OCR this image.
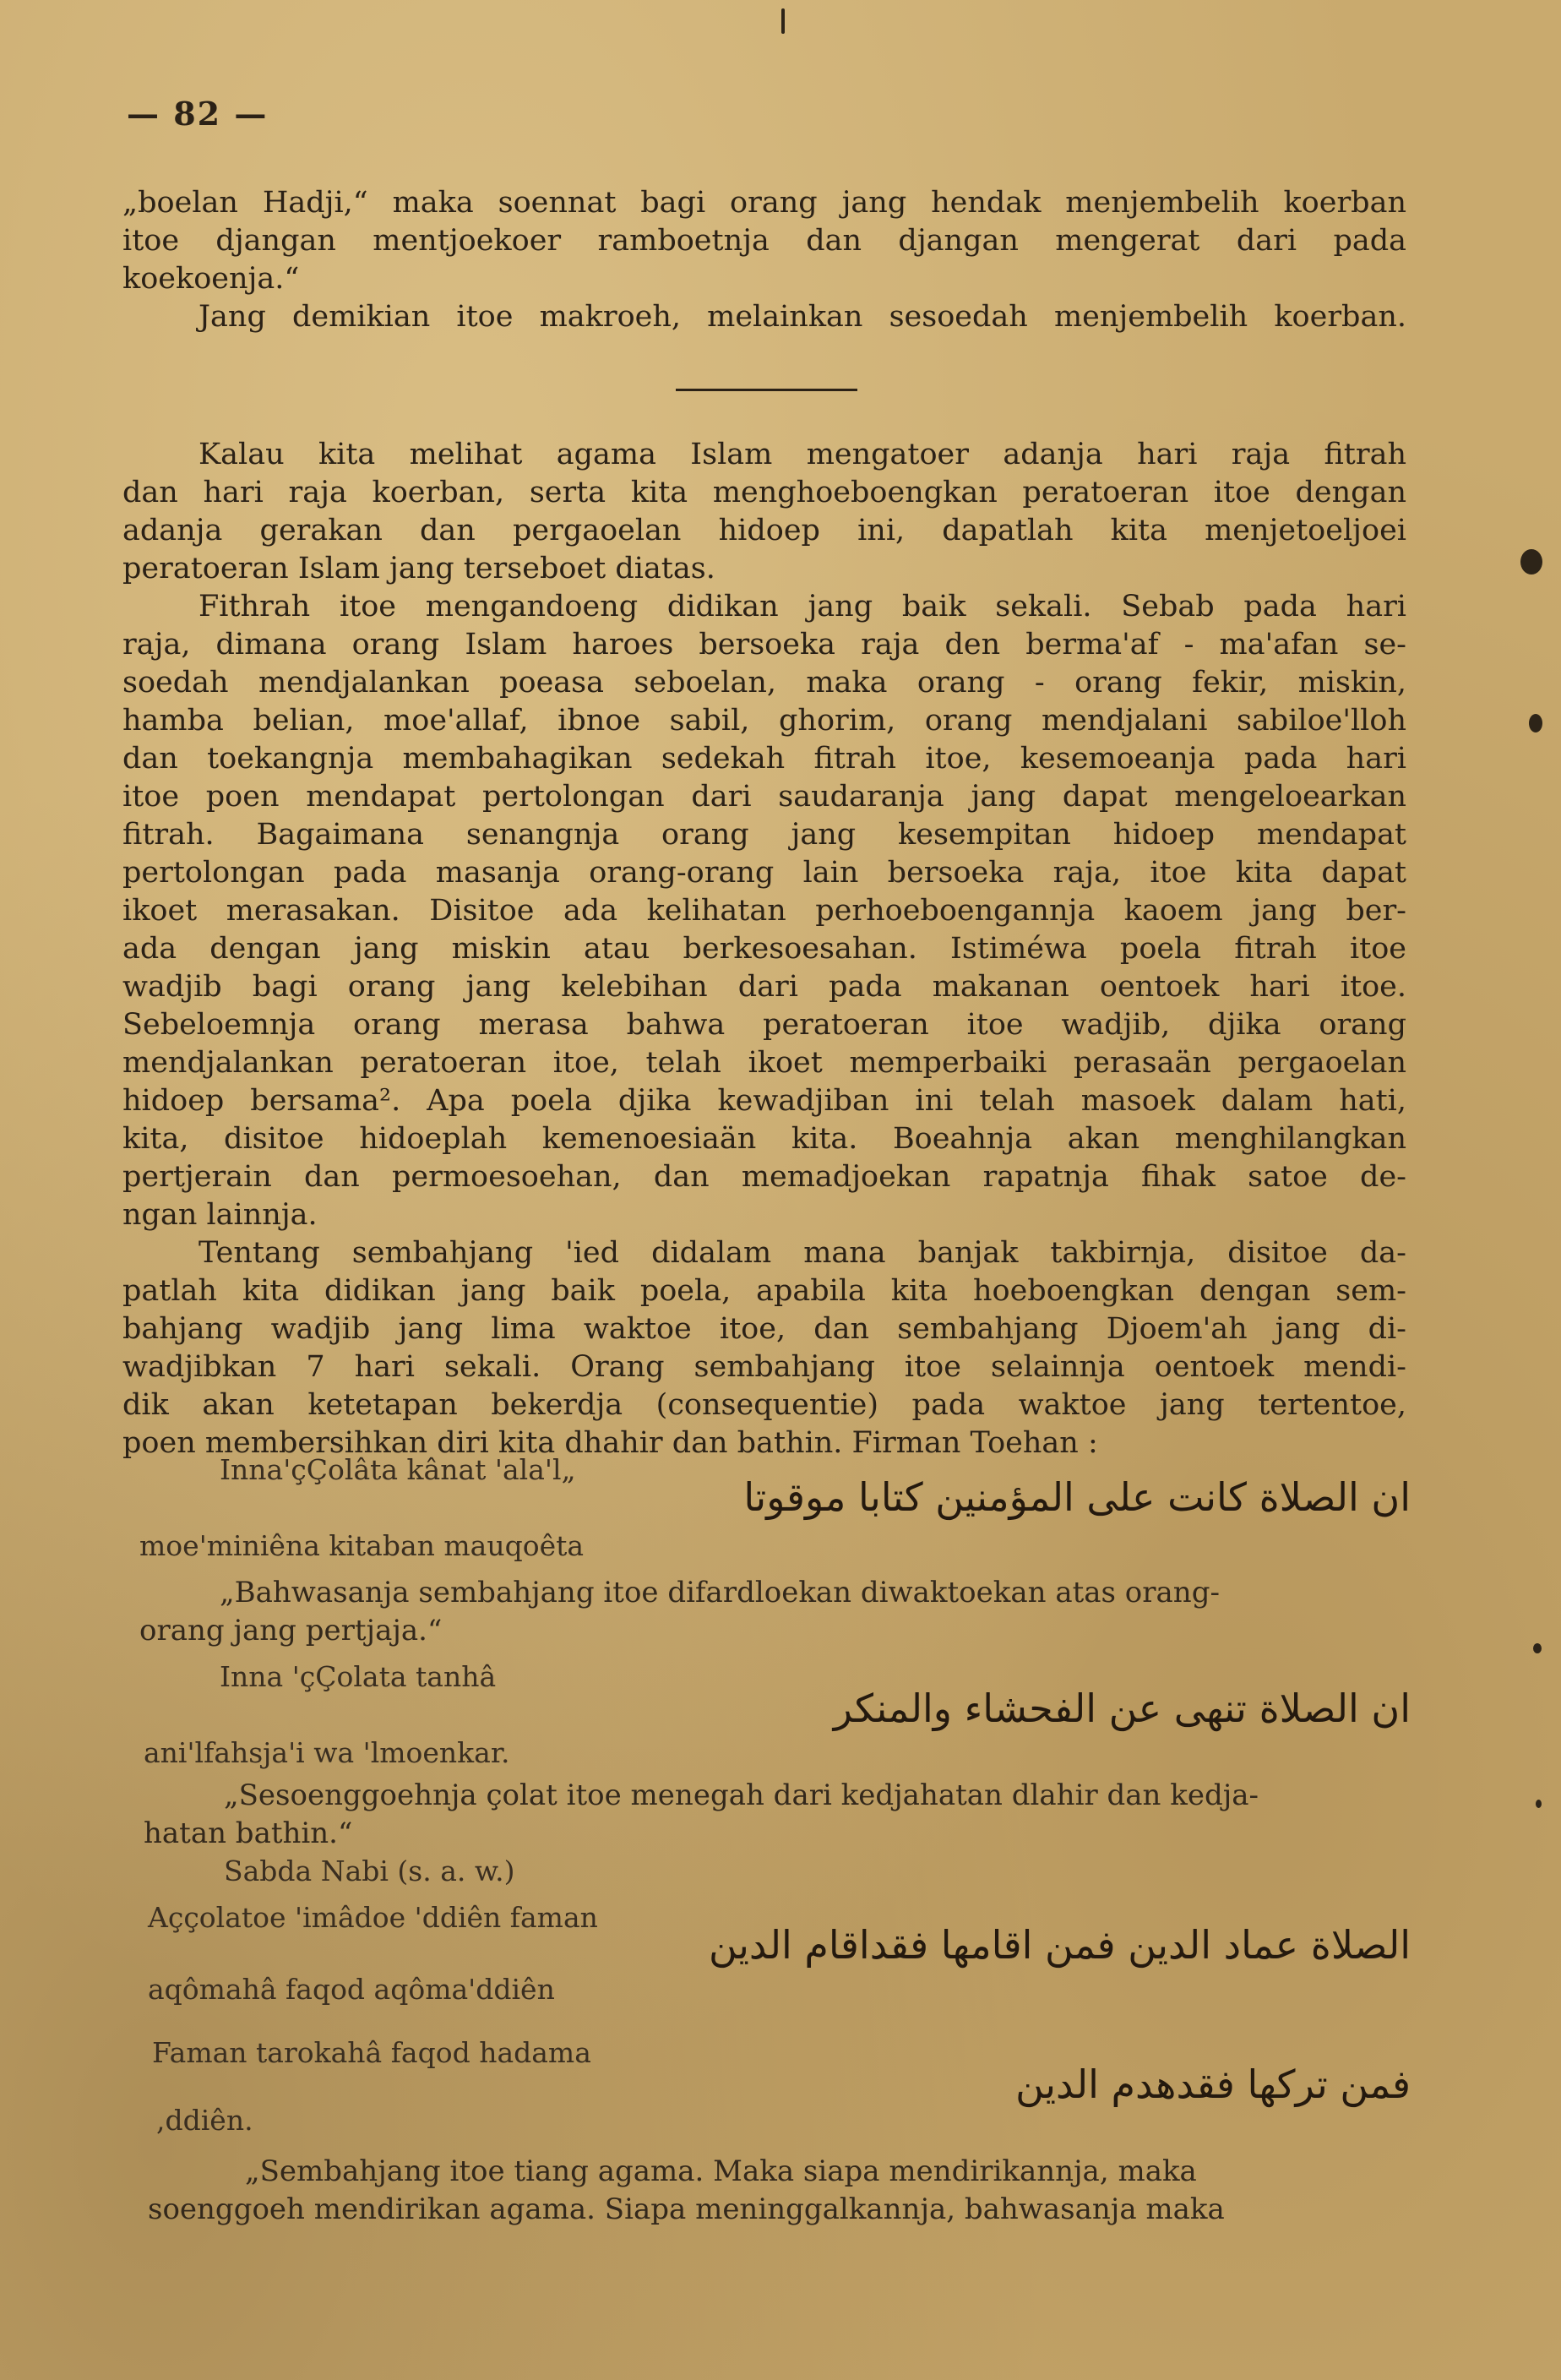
— 82 —
„boelan Hadji,“ maka soennat bagi orang jang hendak menjembelih koerban
itoe djangan mentjoekoer ramboetnja dan djangan mengerat dari pada
koekoenja.“
Jang demikian itoe makroeh, melainkan sesoedah menjembelih koerban.
Kalau kita melihat agama Islam mengatoer adanja hari raja fitrah
dan hari raja koerban, serta kita menghoeboengkan peratoeran itoe dengan
adanja gerakan dan pergaoelan hidoep ini, dapatlah kita menjetoeljoei
peratoeran Islam jang terseboet diatas.
Fithrah itoe mengandoeng didikan jang baik sekali. Sebab pada hari
raja, dimana orang Islam haroes bersoeka raja den berma'af - ma'afan se-
soedah mendjalankan poeasa seboelan, maka orang - orang fekir, miskin,
hamba belian, moe'allaf, ibnoe sabil, ghorim, orang mendjalani sabiloe'lloh
dan toekangnja membahagikan sedekah fitrah itoe, kesemoeanja pada hari
itoe poen mendapat pertolongan dari saudaranja jang dapat mengeloearkan
fitrah. Bagaimana senangnja orang jang kesempitan hidoep mendapat
pertolongan pada masanja orang-orang lain bersoeka raja, itoe kita dapat
ikoet merasakan. Disitoe ada kelihatan perhoeboengannja kaoem jang ber-
ada dengan jang miskin atau berkesoesahan. Istiméwa poela fitrah itoe
wadjib bagi orang jang kelebihan dari pada makanan oentoek hari itoe.
Sebeloemnja orang merasa bahwa peratoeran itoe wadjib, djika orang
mendjalankan peratoeran itoe, telah ikoet memperbaiki perasaän pergaoelan
hidoep bersama². Apa poela djika kewadjiban ini telah masoek dalam hati,
kita, disitoe hidoeplah kemenoesiaän kita. Boeahnja akan menghilangkan
pertjerain dan permoesoehan, dan memadjoekan rapatnja fihak satoe de-
ngan lainnja.
Tentang sembahjang 'ied didalam mana banjak takbirnja, disitoe da-
patlah kita didikan jang baik poela, apabila kita hoeboengkan dengan sem-
bahjang wadjib jang lima waktoe itoe, dan sembahjang Djoem'ah jang di-
wadjibkan 7 hari sekali. Orang sembahjang itoe selainnja oentoek mendi-
dik akan ketetapan bekerdja (consequentie) pada waktoe jang tertentoe,
poen membersihkan diri kita dhahir dan bathin. Firman Toehan :
Inna'çÇolâta kânat 'ala'l„
ان الصلاة كانت على المؤمنين كتابا موقوتا
moe'miniêna kitaban mauqoêta
„Bahwasanja sembahjang itoe difardloekan diwaktoekan atas orang-
orang jang pertjaja.“
Inna 'çÇolata tanhâ
ان الصلاة تنهى عن الفحشاء والمنكر
ani'lfahsja'i wa 'lmoenkar.
„Sesoenggoehnja çolat itoe menegah dari kedjahatan dlahir dan kedja-
hatan bathin.“
Sabda Nabi (s. a. w.)
Aççolatoe 'imâdoe 'ddiên faman
الصلاة عماد الدين فمن اقامها فقداقام الدين
aqômahâ faqod aqôma'ddiên
Faman tarokahâ faqod hadama
فمن تركها فقدهدم الدين
,ddiên.
„Sembahjang itoe tiang agama. Maka siapa mendirikannja, maka
soenggoeh mendirikan agama. Siapa meninggalkannja, bahwasanja maka
